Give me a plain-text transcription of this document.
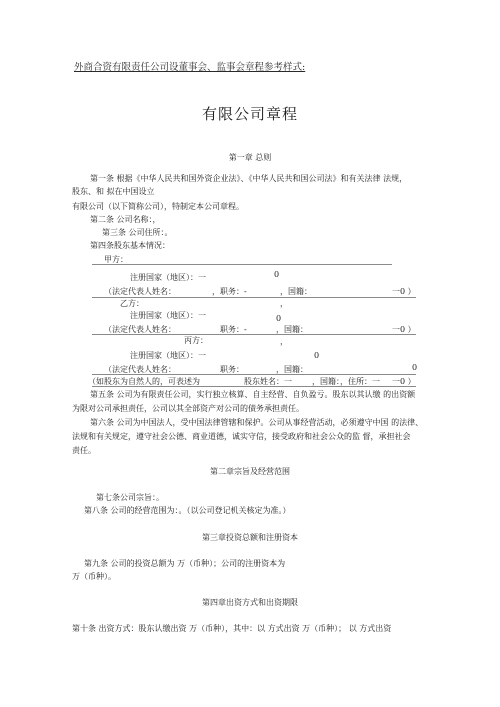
外商合资有限责任公司设董事会、监事会章程参考样式:
有限公司章程
第一章 总则
第一条 根据《中华人民共和国外资企业法》、《中华人民共和国公司法》和有关法律 法规，
股东、和 拟在中国设立
有限公司（以下简称公司），特制定本公司章程。
第二条 公司名称：，
第三条 公司住所：。
第四条股东基本情况：
甲方：
0
注册国家（地区）：一
（法定代表人姓名：	，职务：-	，国籍：	一0 ）
乙方：	，
注册国家（地区）：一	0
（法定代表人姓名：	职务：-	，国籍：	一0 ）
丙方：	，
注册国家（地区）：一	0
（法定代表人姓名：	职务：	，国籍：	0
（如股东为自然人的，可表述为	股东姓名：一	，国籍：，住所：一 一0 ）
第五条 公司为有限责任公司，实行独立核算、自主经营、自负盈亏。股东以其认缴 的出资额
为限对公司承担责任，公司以其全部资产对公司的债务承担责任。
第六条 公司为中国法人，受中国法律管辖和保护。公司从事经营活动，必须遵守中国 的法律、
法规和有关规定，遵守社会公德、商业道德，诚实守信，接受政府和社会公众的监 督，承担社会
责任。
第二章宗旨及经营范围
第七条公司宗旨：。
第八条 公司的经营范围为：。（以公司登记机关核定为准。）
第三章投资总额和注册资本
第九条 公司的投资总额为 万（币种）；公司的注册资本为
万（币种）。
第四章出资方式和出资期限
第十条 出资方式：股东认缴出资 万（币种），其中：以 方式出资 万（币种）； 以 方式出资
